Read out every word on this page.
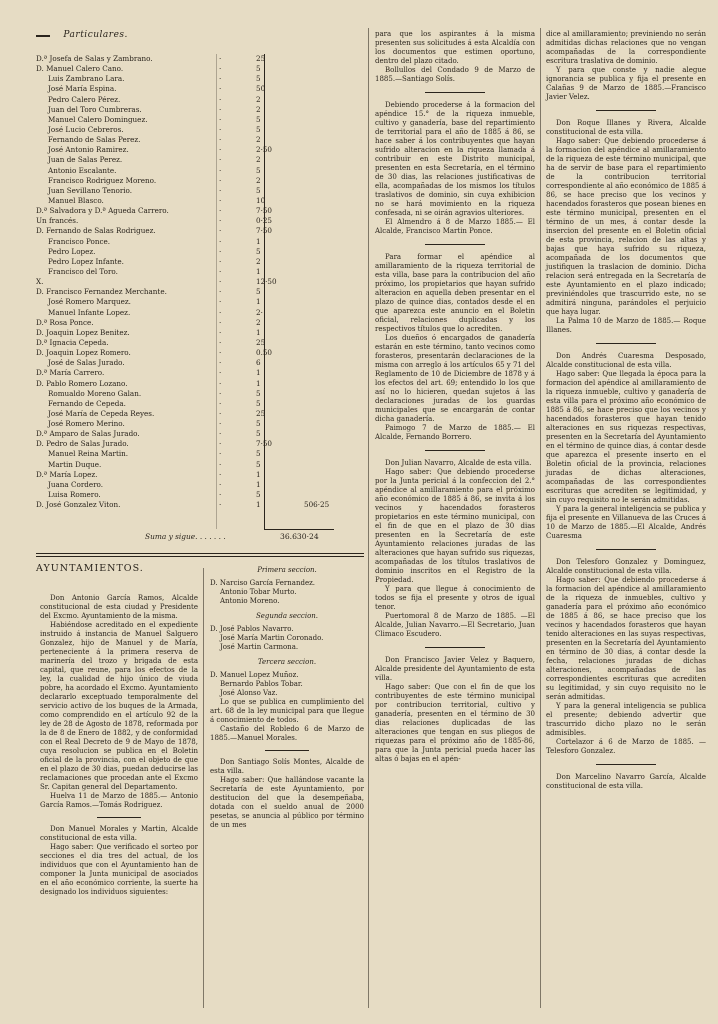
Particulares.
D.ª Josefa de Salas y Zambrano.	·	25
D. Manuel Calero Cano.	·	5
Luis Zambrano Lara.	·	5
José María Espina.	·	50
Pedro Calero Pérez.	·	2
Juan del Toro Cumbreras.	·	2
Manuel Calero Dominguez.	·	5
José Lucio Cebreros.	·	5
Fernando de Salas Perez.	·	2
José Antonio Ramirez.	·	2·50
Juan de Salas Perez.	·	2
Antonio Escalante.	·	5
Francisco Rodriguez Moreno.	·	2
Juan Sevillano Tenorio.	·	5
Manuel Blasco.	·	10
D.ª Salvadora y D.ª Agueda Carrero.	·	7·50
Un francés.	·	0·25
D. Fernando de Salas Rodriguez.	·	7·50
Francisco Ponce.	·	1
Pedro Lopez.	·	5
Pedro Lopez Infante.	·	2
Francisco del Toro.	·	1
X.	·	12·50
D. Francisco Fernandez Merchante.	·	5
José Romero Marquez.	·	1
Manuel Infante Lopez.	·	2·
D.ª Rosa Ponce.	·	2
D. Joaquin Lopez Benitez.	·	1
D.ª Ignacia Cepeda.	·	25
D. Joaquin Lopez Romero.	·	0.50
José de Salas Jurado.	·	6
D.ª María Carrero.	·	1
D. Pablo Romero Lozano.	·	1
Romualdo Moreno Galan.	·	5
Fernando de Cepeda.	·	5
José María de Cepeda Reyes.	·	25
José Romero Merino.	·	5
D.ª Amparo de Salas Jurado.	·	5
D. Pedro de Salas Jurado.	·	7·50
Manuel Reina Martin.	·	5
Martin Duque.	·	5
D.ª María Lopez.	·	1
Juana Cordero.	·	1
Luisa Romero.	·	5
D. José Gonzalez Viton.	·	1	506·25
Suma y sigue. . . . . . .	36.630·24
AYUNTAMIENTOS.

Don Antonio García Ramos, Alcalde constitucional de esta ciudad y Presidente del Excmo. Ayuntamiento de la misma.

Habiéndose acreditado en el expediente instruido á instancia de Manuel Salguero Gonzalez, hijo de Manuel y de María, perteneciente á la primera reserva de marinería del trozo y brigada de esta capital, que reune, para los efectos de la ley, la cualidad de hijo único de viuda pobre, ha acordado el Excmo. Ayuntamiento declararlo exceptuado temporalmente del servicio activo de los buques de la Armada, como comprendido en el artículo 92 de la ley de 28 de Agosto de 1878, reformada por la de 8 de Enero de 1882, y de conformidad con el Real Decreto de 9 de Mayo de 1878, cuya resolucion se publica en el Boletin oficial de la provincia, con el objeto de que en el plazo de 30 dias, puedan deducirse las reclamaciones que procedan ante el Excmo Sr. Capitan general del Departamento.

Huelva 11 de Marzo de 1885.— Antonio García Ramos.—Tomás Rodriguez.

Don Manuel Morales y Martin, Alcalde constitucional de esta villa.

Hago saber: Que verificado el sorteo por secciones el dia tres del actual, de los individuos que con el Ayuntamiento han de componer la Junta municipal de asociados en el año económico corriente, la suerte ha designado los individuos siguientes:

Primera seccion.

D. Narciso García Fernandez.

Antonio Tobar Murto.

Antonio Moreno.

Segunda seccion.

D. José Pablos Navarro.

José María Martin Coronado.

José Martin Carmona.

Tercera seccion.

D. Manuel Lopez Muñoz.

Bernardo Pablos Tobar.

José Alonso Vaz.

Lo que se publica en cumplimiento del art. 68 de la ley municipal para que llegue á conocimiento de todos.

Castaño del Robledo 6 de Marzo de 1885.—Manuel Morales.

Don Santiago Solís Montes, Alcalde de esta villa.

Hago saber: Que hallándose vacante la Secretaría de este Ayuntamiento, por destitucion del que la desempeñaba, dotada con el sueldo anual de 2000 pesetas, se anuncia al público por término de un mes

para que los aspirantes á la misma presenten sus solicitudes á esta Alcaldía con los documentos que estimen oportuno, dentro del plazo citado.

Bollullos del Condado 9 de Marzo de 1885.—Santiago Solís.

Debiendo procederse á la formacion del apéndice 15.° de la riqueza inmueble, cultivo y ganadería, base del repartimiento de territorial para el año de 1885 á 86, se hace saber á los contribuyentes que hayan sufrido alteracion en la riqueza llamada á contribuir en este Distrito municipal, presenten en esta Secretaría, en el término de 30 dias, las relaciones justificativas de ella, acompañadas de los mismos los títulos traslativos de dominio, sin cuya exhibicion no se hará movimiento en la riqueza confesada, ni se oirán agravios ulteriores.

El Almendro á 8 de Marzo 1885.— El Alcalde, Francisco Martin Ponce.

Para formar el apéndice al amillaramiento de la riqueza territorial de esta villa, base para la contribucion del año próximo, los propietarios que hayan sufrido alteracion en aquella deben presentar en el plazo de quince dias, contados desde el en que aparezca este anuncio en el Boletin oficial, relaciones duplicadas y los respectivos títulos que lo acrediten.

Los dueños ó encargados de ganadería estarán en este término, tanto vecinos como forasteros, presentarán declaraciones de la misma con arreglo á los artículos 65 y 71 del Reglamento de 10 de Diciembre de 1878 y á los efectos del art. 69; entendido lo los que así no lo hicieren, quedan sujetos á las declaraciones juradas de los guardas municipales que se encargarán de contar dicha ganadería.

Paimogo 7 de Marzo de 1885.— El Alcalde, Fernando Borrero.

Don Julian Navarro, Alcalde de esta villa.

Hago saber: Que debiendo procederse por la Junta pericial á la confeccion del 2.° apéndice al amillaramiento para el próximo año económico de 1885 á 86, se invita á los vecinos y hacendados forasteros propietarios en este término municipal, con el fin de que en el plazo de 30 dias presenten en la Secretaría de este Ayuntamiento relaciones juradas de las alteraciones que hayan sufrido sus riquezas, acompañadas de los títulos traslativos de dominio inscritos en el Registro de la Propiedad.

Y para que llegue á conocimiento de todos se fija el presente y otros de igual tenor.

Puertomoral 8 de Marzo de 1885. —El Alcalde, Julian Navarro.—El Secretario, Juan Climaco Escudero.

Don Francisco Javier Velez y Baquero, Alcalde presidente del Ayuntamiento de esta villa.

Hago saber: Que con el fin de que los contribuyentes de este término municipal por contribucion territorial, cultivo y ganadería, presenten en el término de 30 dias relaciones duplicadas de las alteraciones que tengan en sus pliegos de riquezas para el próximo año de 1885-86, para que la Junta pericial pueda hacer las altas ó bajas en el apén-

dice al amillaramiento; previniendo no serán admitidas dichas relaciones que no vengan acompañadas de la correspondiente escritura traslativa de dominio.

Y para que conste y nadie alegue ignorancia se publica y fija el presente en Calañas 9 de Marzo de 1885.—Francisco Javier Velez.

Don Roque Illanes y Rivera, Alcalde constitucional de esta villa.

Hago saber: Que debiendo procederse á la formacion del apéndice al amillaramiento de la riqueza de este término municipal, que ha de servir de base para el repartimiento de la contribucion territorial correspondiente al año económico de 1885 á 86, se hace preciso que los vecinos y hacendados forasteros que posean bienes en este término municipal, presenten en el término de un mes, á contar desde la insercion del presente en el Boletin oficial de esta provincia, relacion de las altas y bajas que haya sufrido su riqueza, acompañada de los documentos que justifiquen la traslacion de dominio. Dicha relacion será entregada en la Secretaría de este Ayuntamiento en el plazo indicado; previniéndoles que trascurrido este, no se admitirá ninguna, parándoles el perjuicio que haya lugar.

La Palma 10 de Marzo de 1885.— Roque Illanes.

Don Andrés Cuaresma Desposado, Alcalde constitucional de esta villa.

Hago saber: Que llegada la época para la formacion del apéndice al amillaramiento de la riqueza inmueble, cultivo y ganadería de esta villa para el próximo año económico de 1885 á 86, se hace preciso que los vecinos y hacendados forasteros que hayan tenido alteraciones en sus riquezas respectivas, presenten en la Secretaría del Ayuntamiento en el término de quince dias, á contar desde que aparezca el presente inserto en el Boletin oficial de la provincia, relaciones juradas de dichas alteraciones, acompañadas de las correspondientes escrituras que acrediten se legitimidad, y sin cuyo requisito no le serán admitidas.

Y para la general inteligencia se publica y fija el presente en Villanueva de las Cruces á 10 de Marzo de 1885.—El Alcalde, Andrés Cuaresma

Don Telesforo Gonzalez y Dominguez, Alcalde constitucional de esta villa.

Hago saber: Que debiendo procederse á la formacion del apéndice al amillaramiento de la riqueza de inmuebles, cultivo y ganadería para el próximo año económico de 1885 á 86, se hace preciso que los vecinos y hacendados forasteros que hayan tenido alteraciones en las suyas respectivas, presenten en la Secretaría del Ayuntamiento en término de 30 dias, á contar desde la fecha, relaciones juradas de dichas alteraciones, acompañadas de las correspondientes escrituras que acrediten su legitimidad, y sin cuyo requisito no le serán admitidas.

Y para la general inteligencia se publica el presente; debiendo advertir que trascurrido dicho plazo no le serán admisibles.

Cortelazor á 6 de Marzo de 1885. —Telesforo Gonzalez.

Don Marcelino Navarro García, Alcalde constitucional de esta villa.
